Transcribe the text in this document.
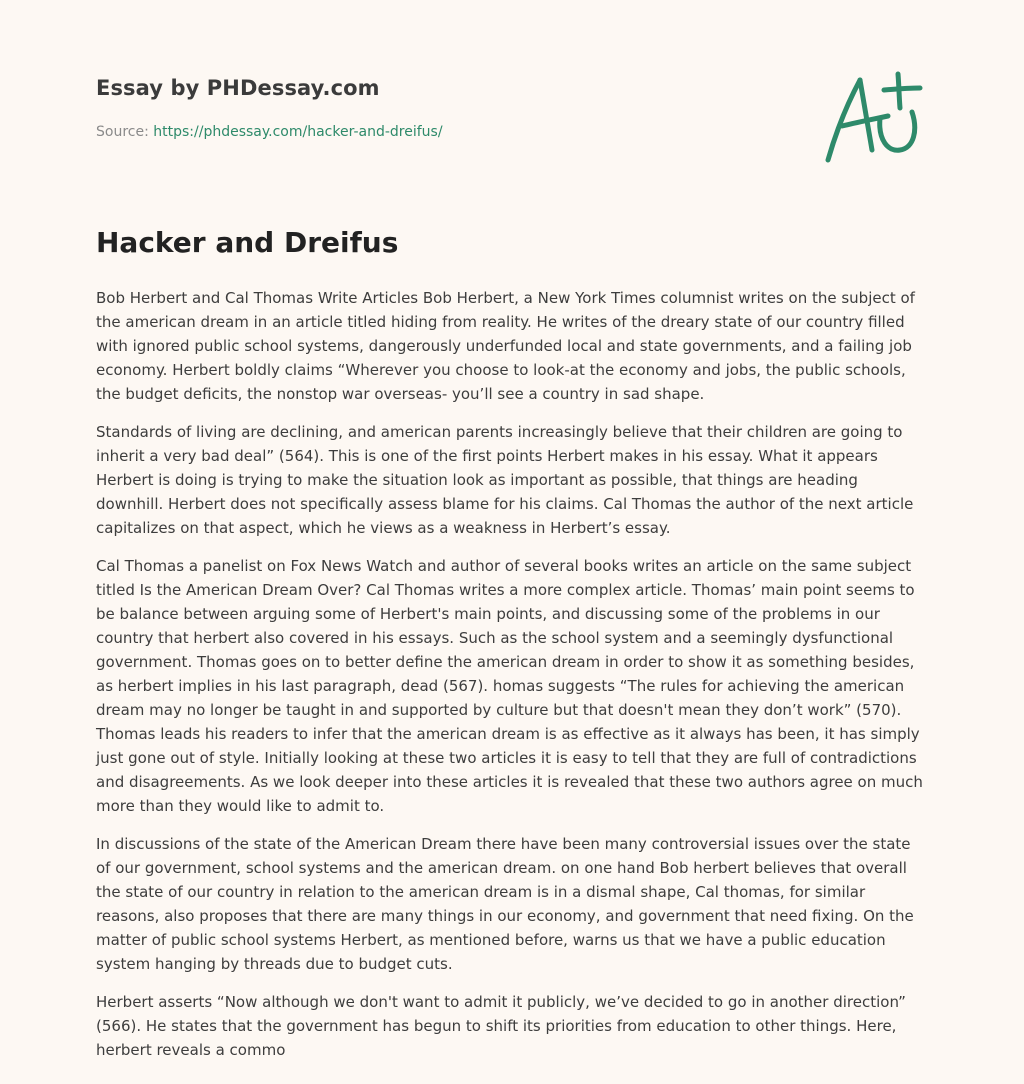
Essay by PHDessay.com
Source: https://phdessay.com/hacker-and-dreifus/
Hacker and Dreifus

Bob Herbert and Cal Thomas Write Articles Bob Herbert, a New York Times columnist writes on the subject of the american dream in an article titled hiding from reality. He writes of the dreary state of our country filled with ignored public school systems, dangerously underfunded local and state governments, and a failing job economy. Herbert boldly claims “Wherever you choose to look-at the economy and jobs, the public schools, the budget deficits, the nonstop war overseas- you’ll see a country in sad shape.

Standards of living are declining, and american parents increasingly believe that their children are going to inherit a very bad deal” (564). This is one of the first points Herbert makes in his essay. What it appears Herbert is doing is trying to make the situation look as important as possible, that things are heading downhill. Herbert does not specifically assess blame for his claims. Cal Thomas the author of the next article capitalizes on that aspect, which he views as a weakness in Herbert’s essay.

Cal Thomas a panelist on Fox News Watch and author of several books writes an article on the same subject titled Is the American Dream Over? Cal Thomas writes a more complex article. Thomas’ main point seems to be balance between arguing some of Herbert's main points, and discussing some of the problems in our country that herbert also covered in his essays. Such as the school system and a seemingly dysfunctional government. Thomas goes on to better define the american dream in order to show it as something besides, as herbert implies in his last paragraph, dead (567). homas suggests “The rules for achieving the american dream may no longer be taught in and supported by culture but that doesn't mean they don’t work” (570). Thomas leads his readers to infer that the american dream is as effective as it always has been, it has simply just gone out of style. Initially looking at these two articles it is easy to tell that they are full of contradictions and disagreements. As we look deeper into these articles it is revealed that these two authors agree on much more than they would like to admit to.

In discussions of the state of the American Dream there have been many controversial issues over the state of our government, school systems and the american dream. on one hand Bob herbert believes that overall the state of our country in relation to the american dream is in a dismal shape, Cal thomas, for similar reasons, also proposes that there are many things in our economy, and government that need fixing. On the matter of public school systems Herbert, as mentioned before, warns us that we have a public education system hanging by threads due to budget cuts.

Herbert asserts “Now although we don't want to admit it publicly, we’ve decided to go in another direction” (566). He states that the government has begun to shift its priorities from education to other things. Here, herbert reveals a commo
